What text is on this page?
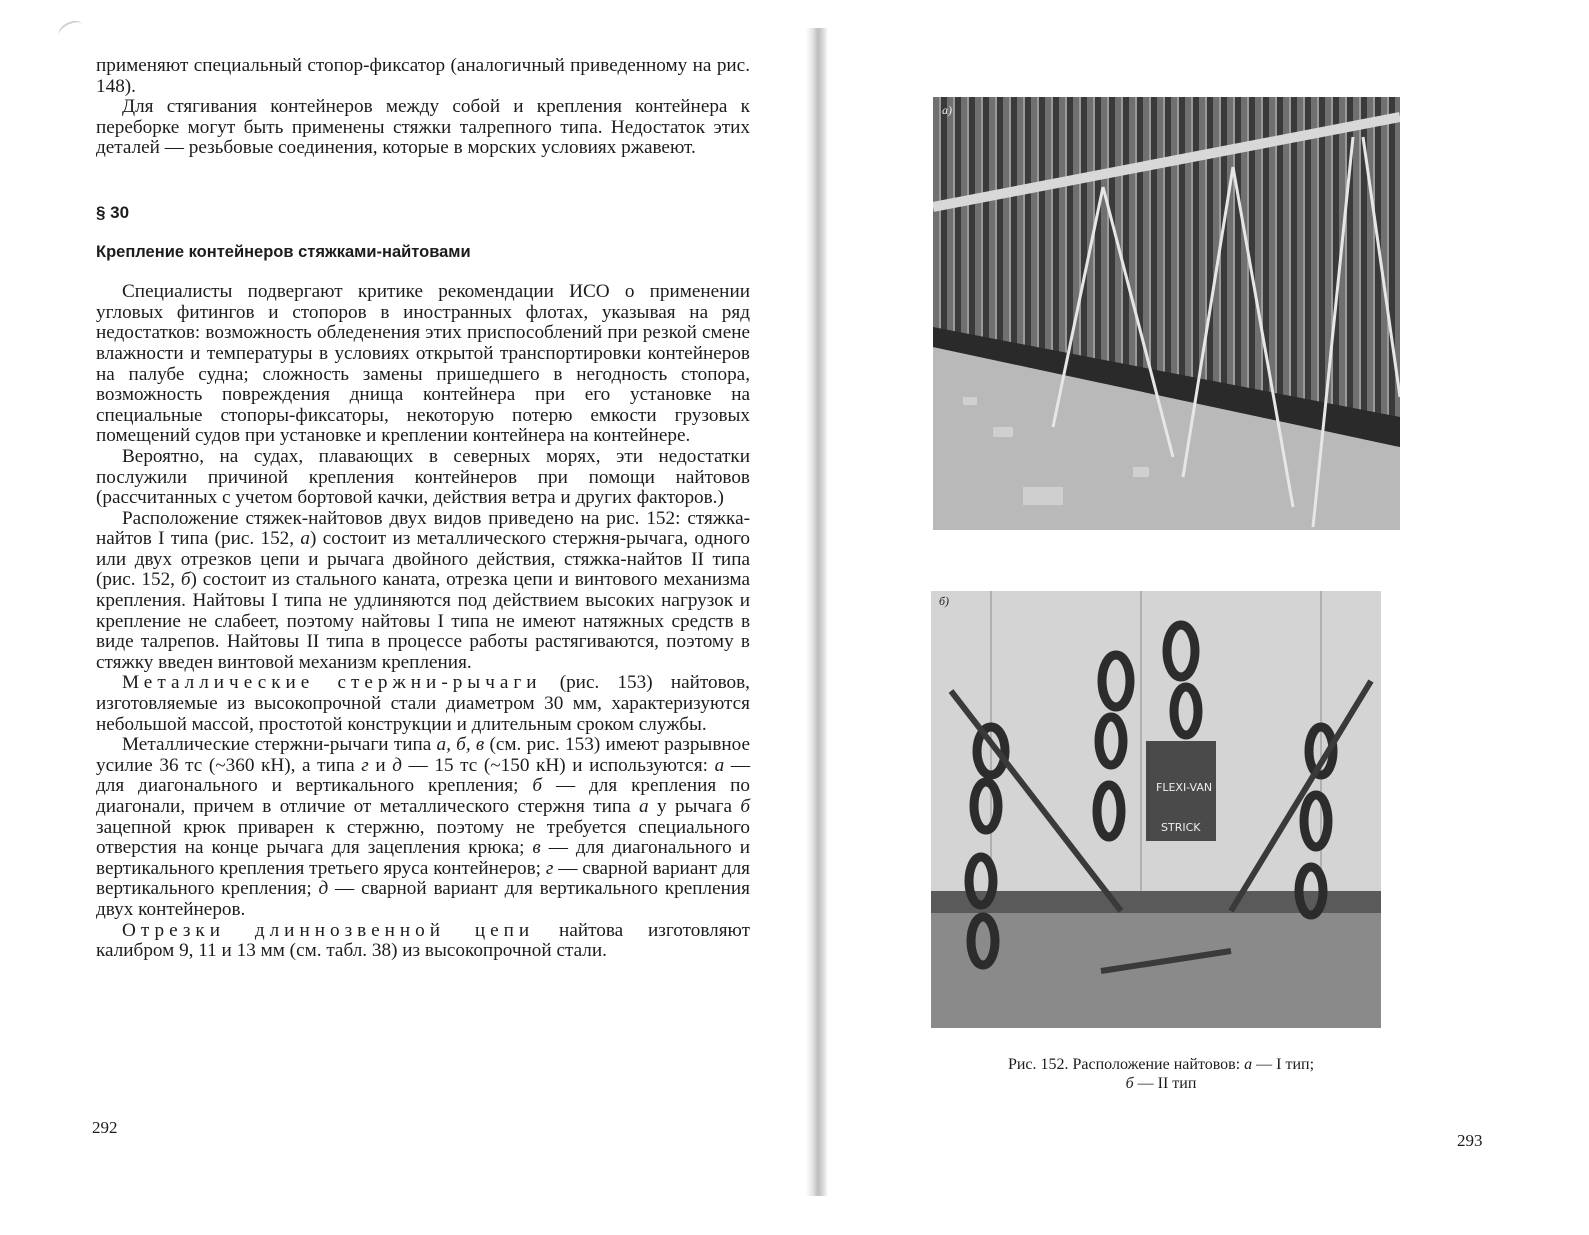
применяют специальный стопор-фиксатор (аналогичный приведенному на рис. 148).

Для стягивания контейнеров между собой и крепления контейнера к переборке могут быть применены стяжки талрепного типа. Недостаток этих деталей — резьбовые соединения, которые в морских условиях ржавеют.

§ 30

Крепление контейнеров стяжками-найтовами

Специалисты подвергают критике рекомендации ИСО о применении угловых фитингов и стопоров в иностранных флотах, указывая на ряд недостатков: возможность обледенения этих приспособлений при резкой смене влажности и температуры в условиях открытой транспортировки контейнеров на палубе судна; сложность замены пришедшего в негодность стопора, возможность повреждения днища контейнера при его установке на специальные стопоры-фиксаторы, некоторую потерю емкости грузовых помещений судов при установке и креплении контейнера на контейнере.

Вероятно, на судах, плавающих в северных морях, эти недостатки послужили причиной крепления контейнеров при помощи найтовов (рассчитанных с учетом бортовой качки, действия ветра и других факторов.)

Расположение стяжек-найтовов двух видов приведено на рис. 152: стяжка-найтов I типа (рис. 152, а) состоит из металлического стержня-рычага, одного или двух отрезков цепи и рычага двойного действия, стяжка-найтов II типа (рис. 152, б) состоит из стального каната, отрезка цепи и винтового механизма крепления. Найтовы I типа не удлиняются под действием высоких нагрузок и крепление не слабеет, поэтому найтовы I типа не имеют натяжных средств в виде талрепов. Найтовы II типа в процессе работы растягиваются, поэтому в стяжку введен винтовой механизм крепления.

Металлические стержни-рычаги (рис. 153) найтовов, изготовляемые из высокопрочной стали диаметром 30 мм, характеризуются небольшой массой, простотой конструкции и длительным сроком службы.

Металлические стержни-рычаги типа а, б, в (см. рис. 153) имеют разрывное усилие 36 тс (~360 кН), а типа г и д — 15 тс (~150 кН) и используются: а — для диагонального и вертикального крепления; б — для крепления по диагонали, причем в отличие от металлического стержня типа а у рычага б зацепной крюк приварен к стержню, поэтому не требуется специального отверстия на конце рычага для зацепления крюка; в — для диагонального и вертикального крепления третьего яруса контейнеров; г — сварной вариант для вертикального крепления; д — сварной вариант для вертикального крепления двух контейнеров.

Отрезки длиннозвенной цепи найтова изготовляют калибром 9, 11 и 13 мм (см. табл. 38) из высокопрочной стали.

292
а)
FLEXI-VAN
STRICK
б)
Рис. 152. Расположение найтовов: а — I тип;
б — II тип
293
